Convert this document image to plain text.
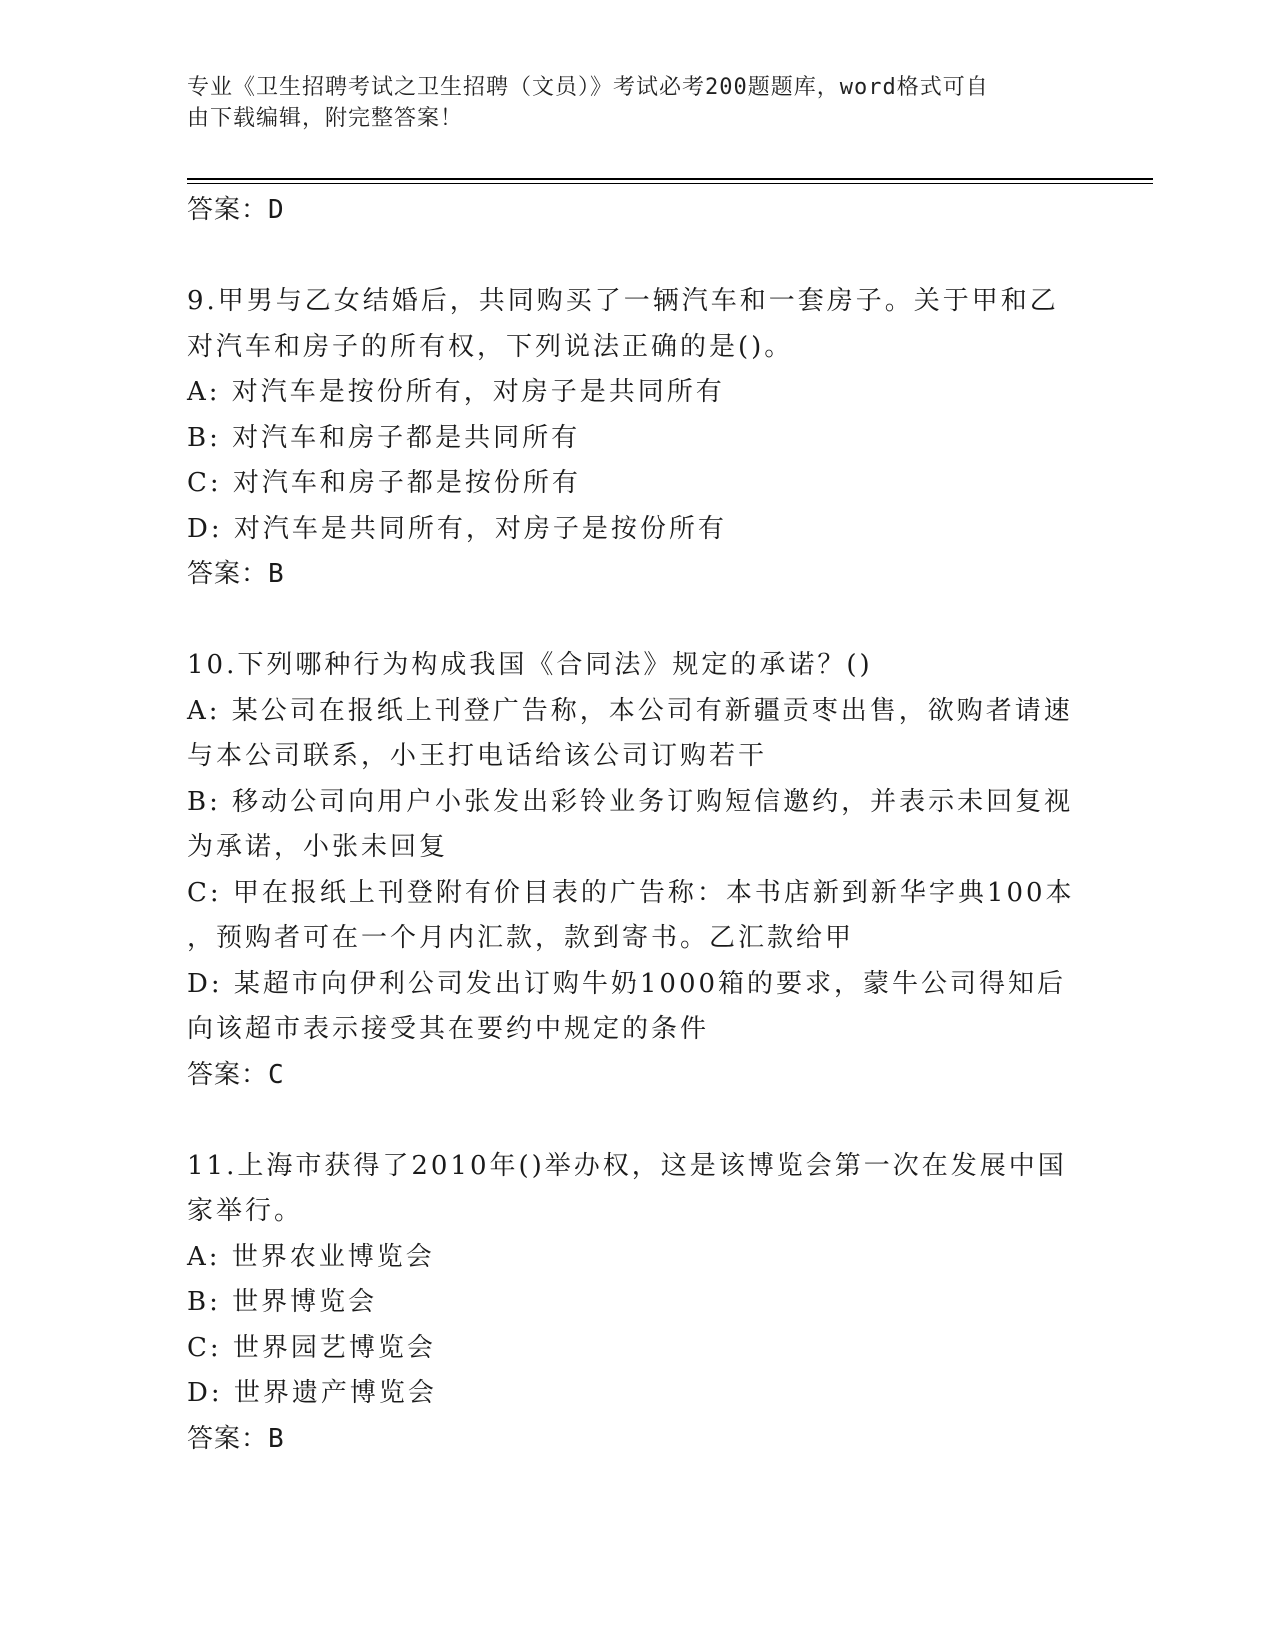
专业《卫生招聘考试之卫生招聘（文员）》考试必考200题题库，word格式可自
由下载编辑，附完整答案！
答案：D
9.甲男与乙女结婚后，共同购买了一辆汽车和一套房子。关于甲和乙
对汽车和房子的所有权，下列说法正确的是()。
A: 对汽车是按份所有，对房子是共同所有
B: 对汽车和房子都是共同所有
C: 对汽车和房子都是按份所有
D: 对汽车是共同所有，对房子是按份所有
答案：B
10.下列哪种行为构成我国《合同法》规定的承诺？()
A: 某公司在报纸上刊登广告称，本公司有新疆贡枣出售，欲购者请速
与本公司联系，小王打电话给该公司订购若干
B: 移动公司向用户小张发出彩铃业务订购短信邀约，并表示未回复视
为承诺，小张未回复
C: 甲在报纸上刊登附有价目表的广告称：本书店新到新华字典100本
，预购者可在一个月内汇款，款到寄书。乙汇款给甲
D: 某超市向伊利公司发出订购牛奶1000箱的要求，蒙牛公司得知后
向该超市表示接受其在要约中规定的条件
答案：C
11.上海市获得了2010年()举办权，这是该博览会第一次在发展中国
家举行。
A: 世界农业博览会
B: 世界博览会
C: 世界园艺博览会
D: 世界遗产博览会
答案：B
